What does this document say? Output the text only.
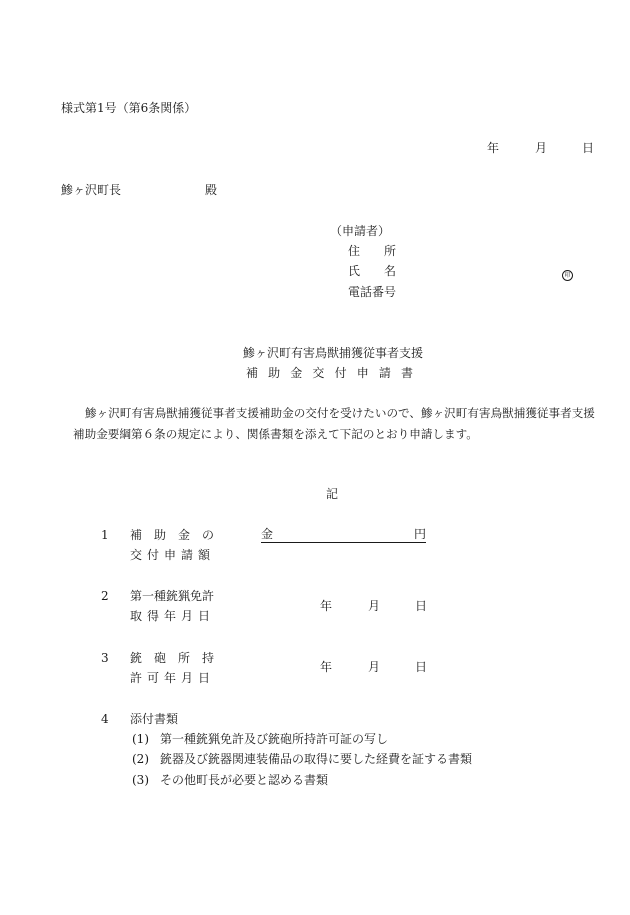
様式第1号（第6条関係）
年	月	日
鯵ヶ沢町長	殿
（申請者）
住　　所
氏　　名	印
電話番号
鯵ヶ沢町有害鳥獣捕獲従事者支援
補 助 金 交 付 申 請 書
鯵ヶ沢町有害鳥獣捕獲従事者支援補助金の交付を受けたいので、鯵ヶ沢町有害鳥獣捕獲従事者支援
補助金要綱第６条の規定により、関係書類を添えて下記のとおり申請します。
記
1 補 助 金 の
交 付 申 請 額
金	円
2 第一種銃猟免許
取 得 年 月 日
年	月	日
3 銃 砲 所 持
許 可 年 月 日
年	月	日
4 添付書類
(1) 第一種銃猟免許及び銃砲所持許可証の写し
(2) 銃器及び銃器関連装備品の取得に要した経費を証する書類
(3) その他町長が必要と認める書類
